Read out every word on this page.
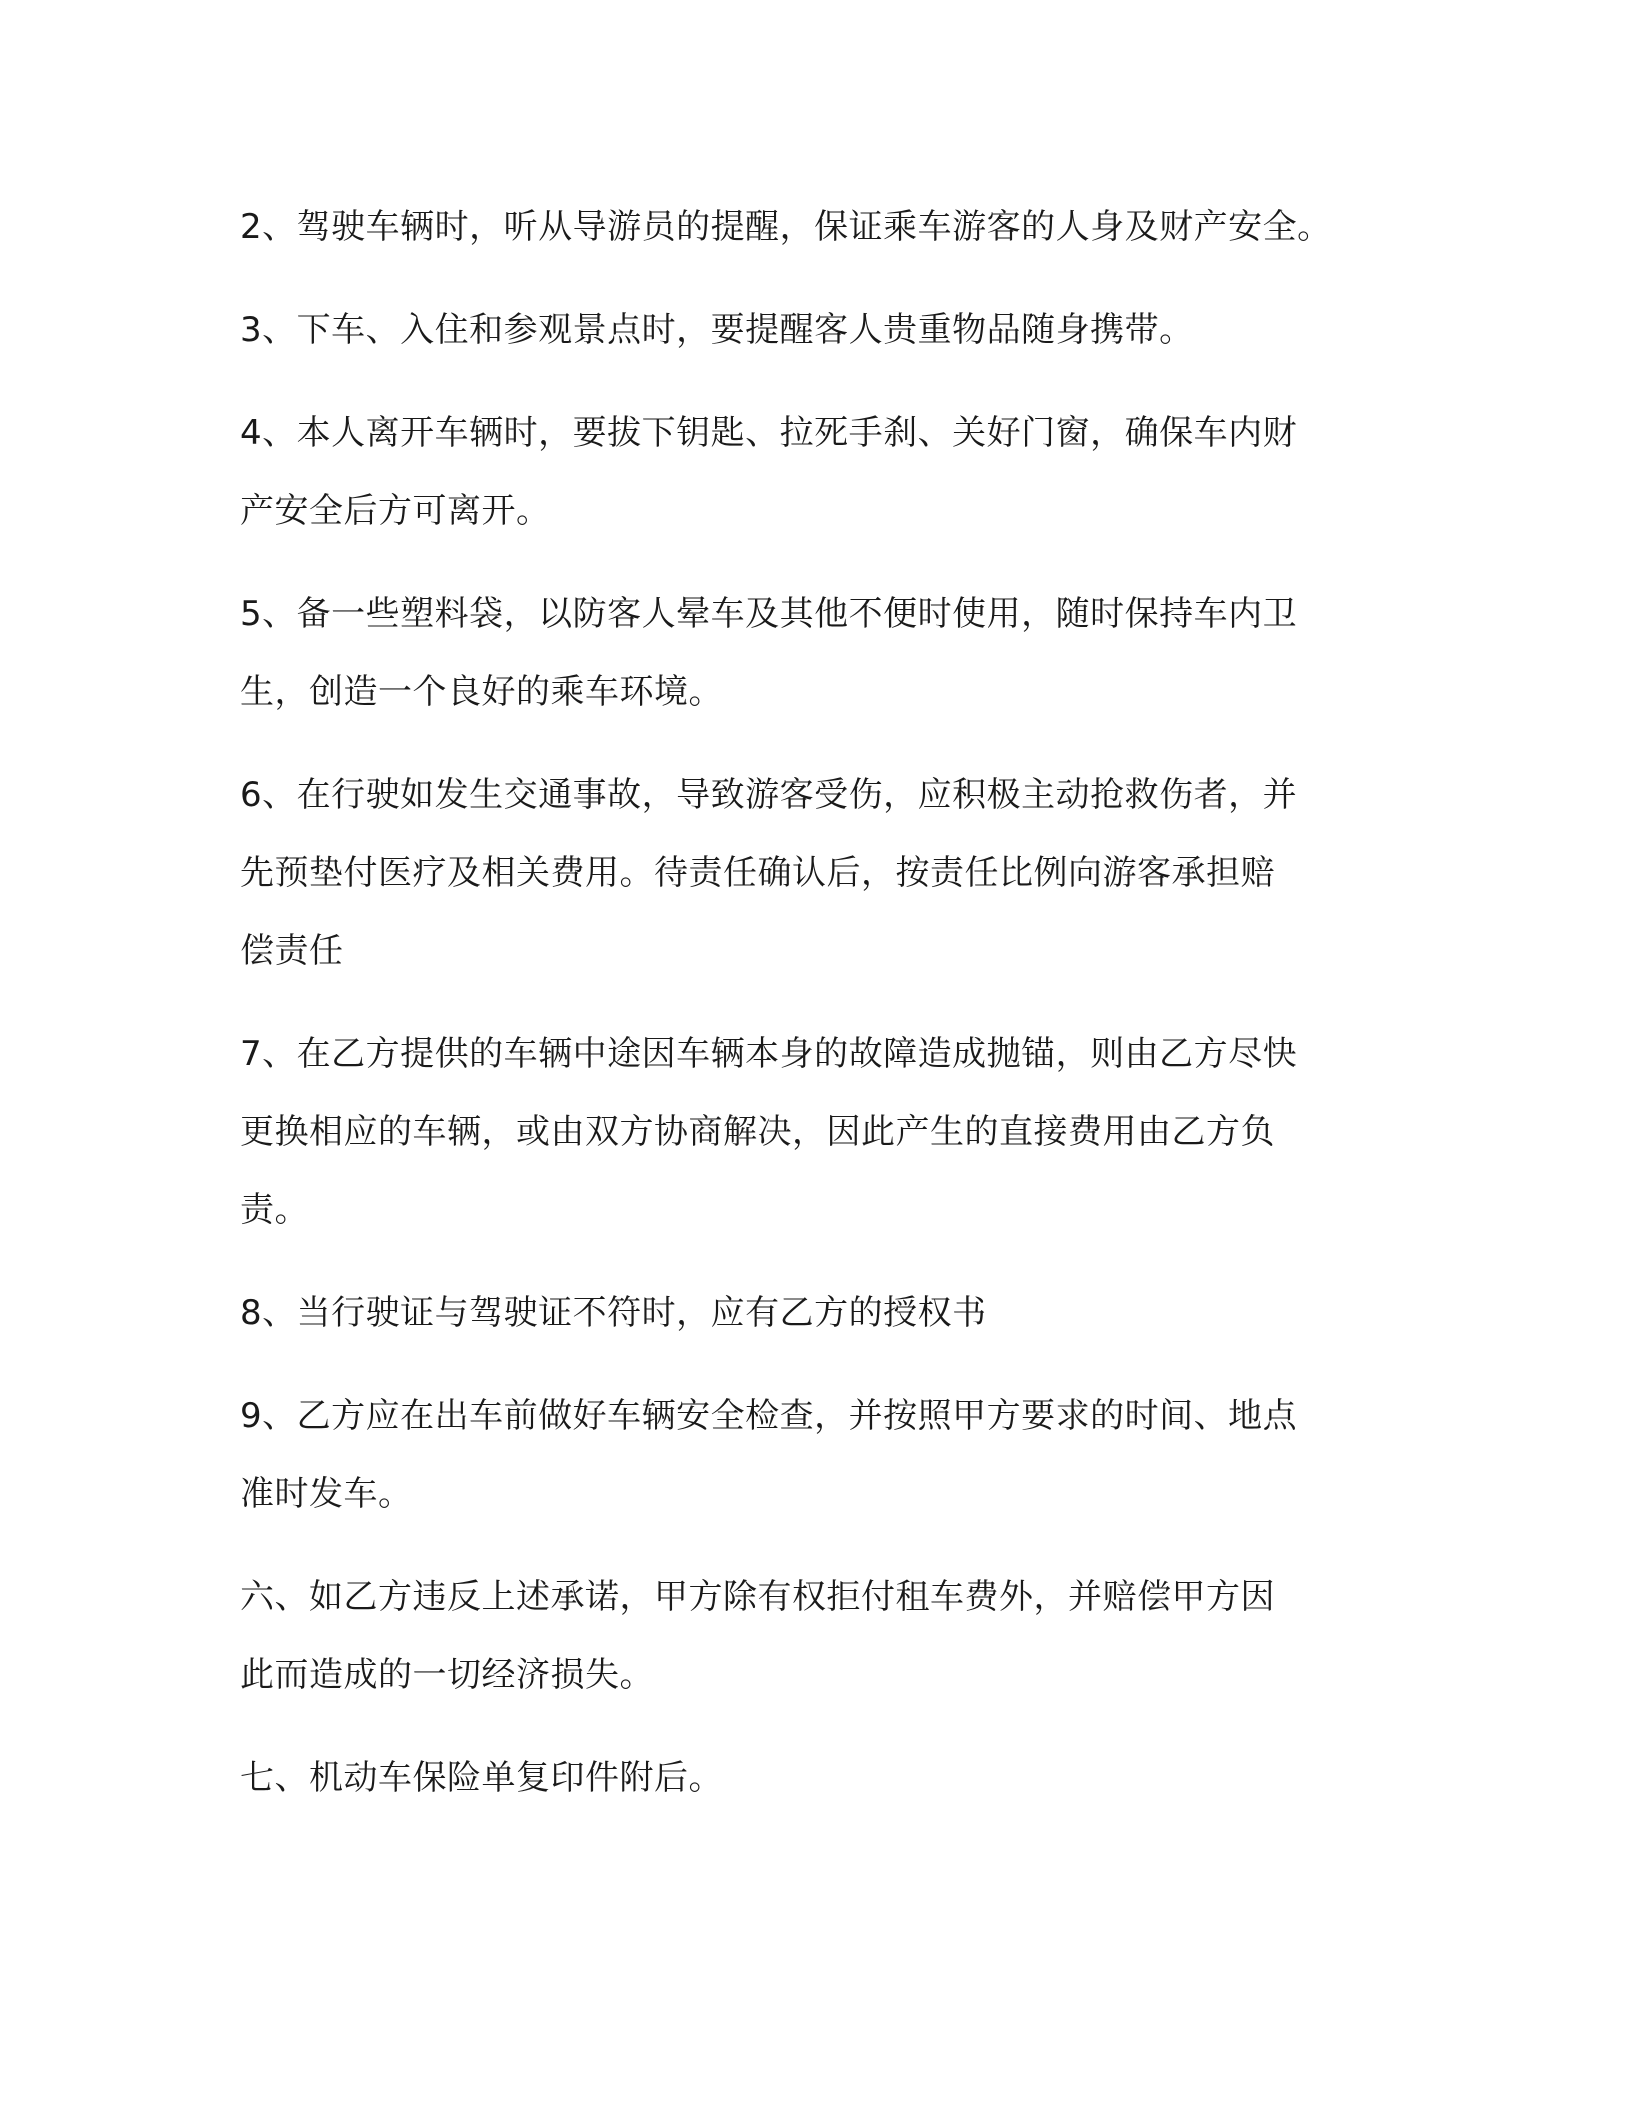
2、驾驶车辆时，听从导游员的提醒，保证乘车游客的人身及财产安全。
3、下车、入住和参观景点时，要提醒客人贵重物品随身携带。
4、本人离开车辆时，要拔下钥匙、拉死手刹、关好门窗，确保车内财
产安全后方可离开。
5、备一些塑料袋，以防客人晕车及其他不便时使用，随时保持车内卫
生，创造一个良好的乘车环境。
6、在行驶如发生交通事故，导致游客受伤，应积极主动抢救伤者，并
先预垫付医疗及相关费用。待责任确认后，按责任比例向游客承担赔
偿责任
7、在乙方提供的车辆中途因车辆本身的故障造成抛锚，则由乙方尽快
更换相应的车辆，或由双方协商解决，因此产生的直接费用由乙方负
责。
8、当行驶证与驾驶证不符时，应有乙方的授权书
9、乙方应在出车前做好车辆安全检查，并按照甲方要求的时间、地点
准时发车。
六、如乙方违反上述承诺，甲方除有权拒付租车费外，并赔偿甲方因
此而造成的一切经济损失。
七、机动车保险单复印件附后。
